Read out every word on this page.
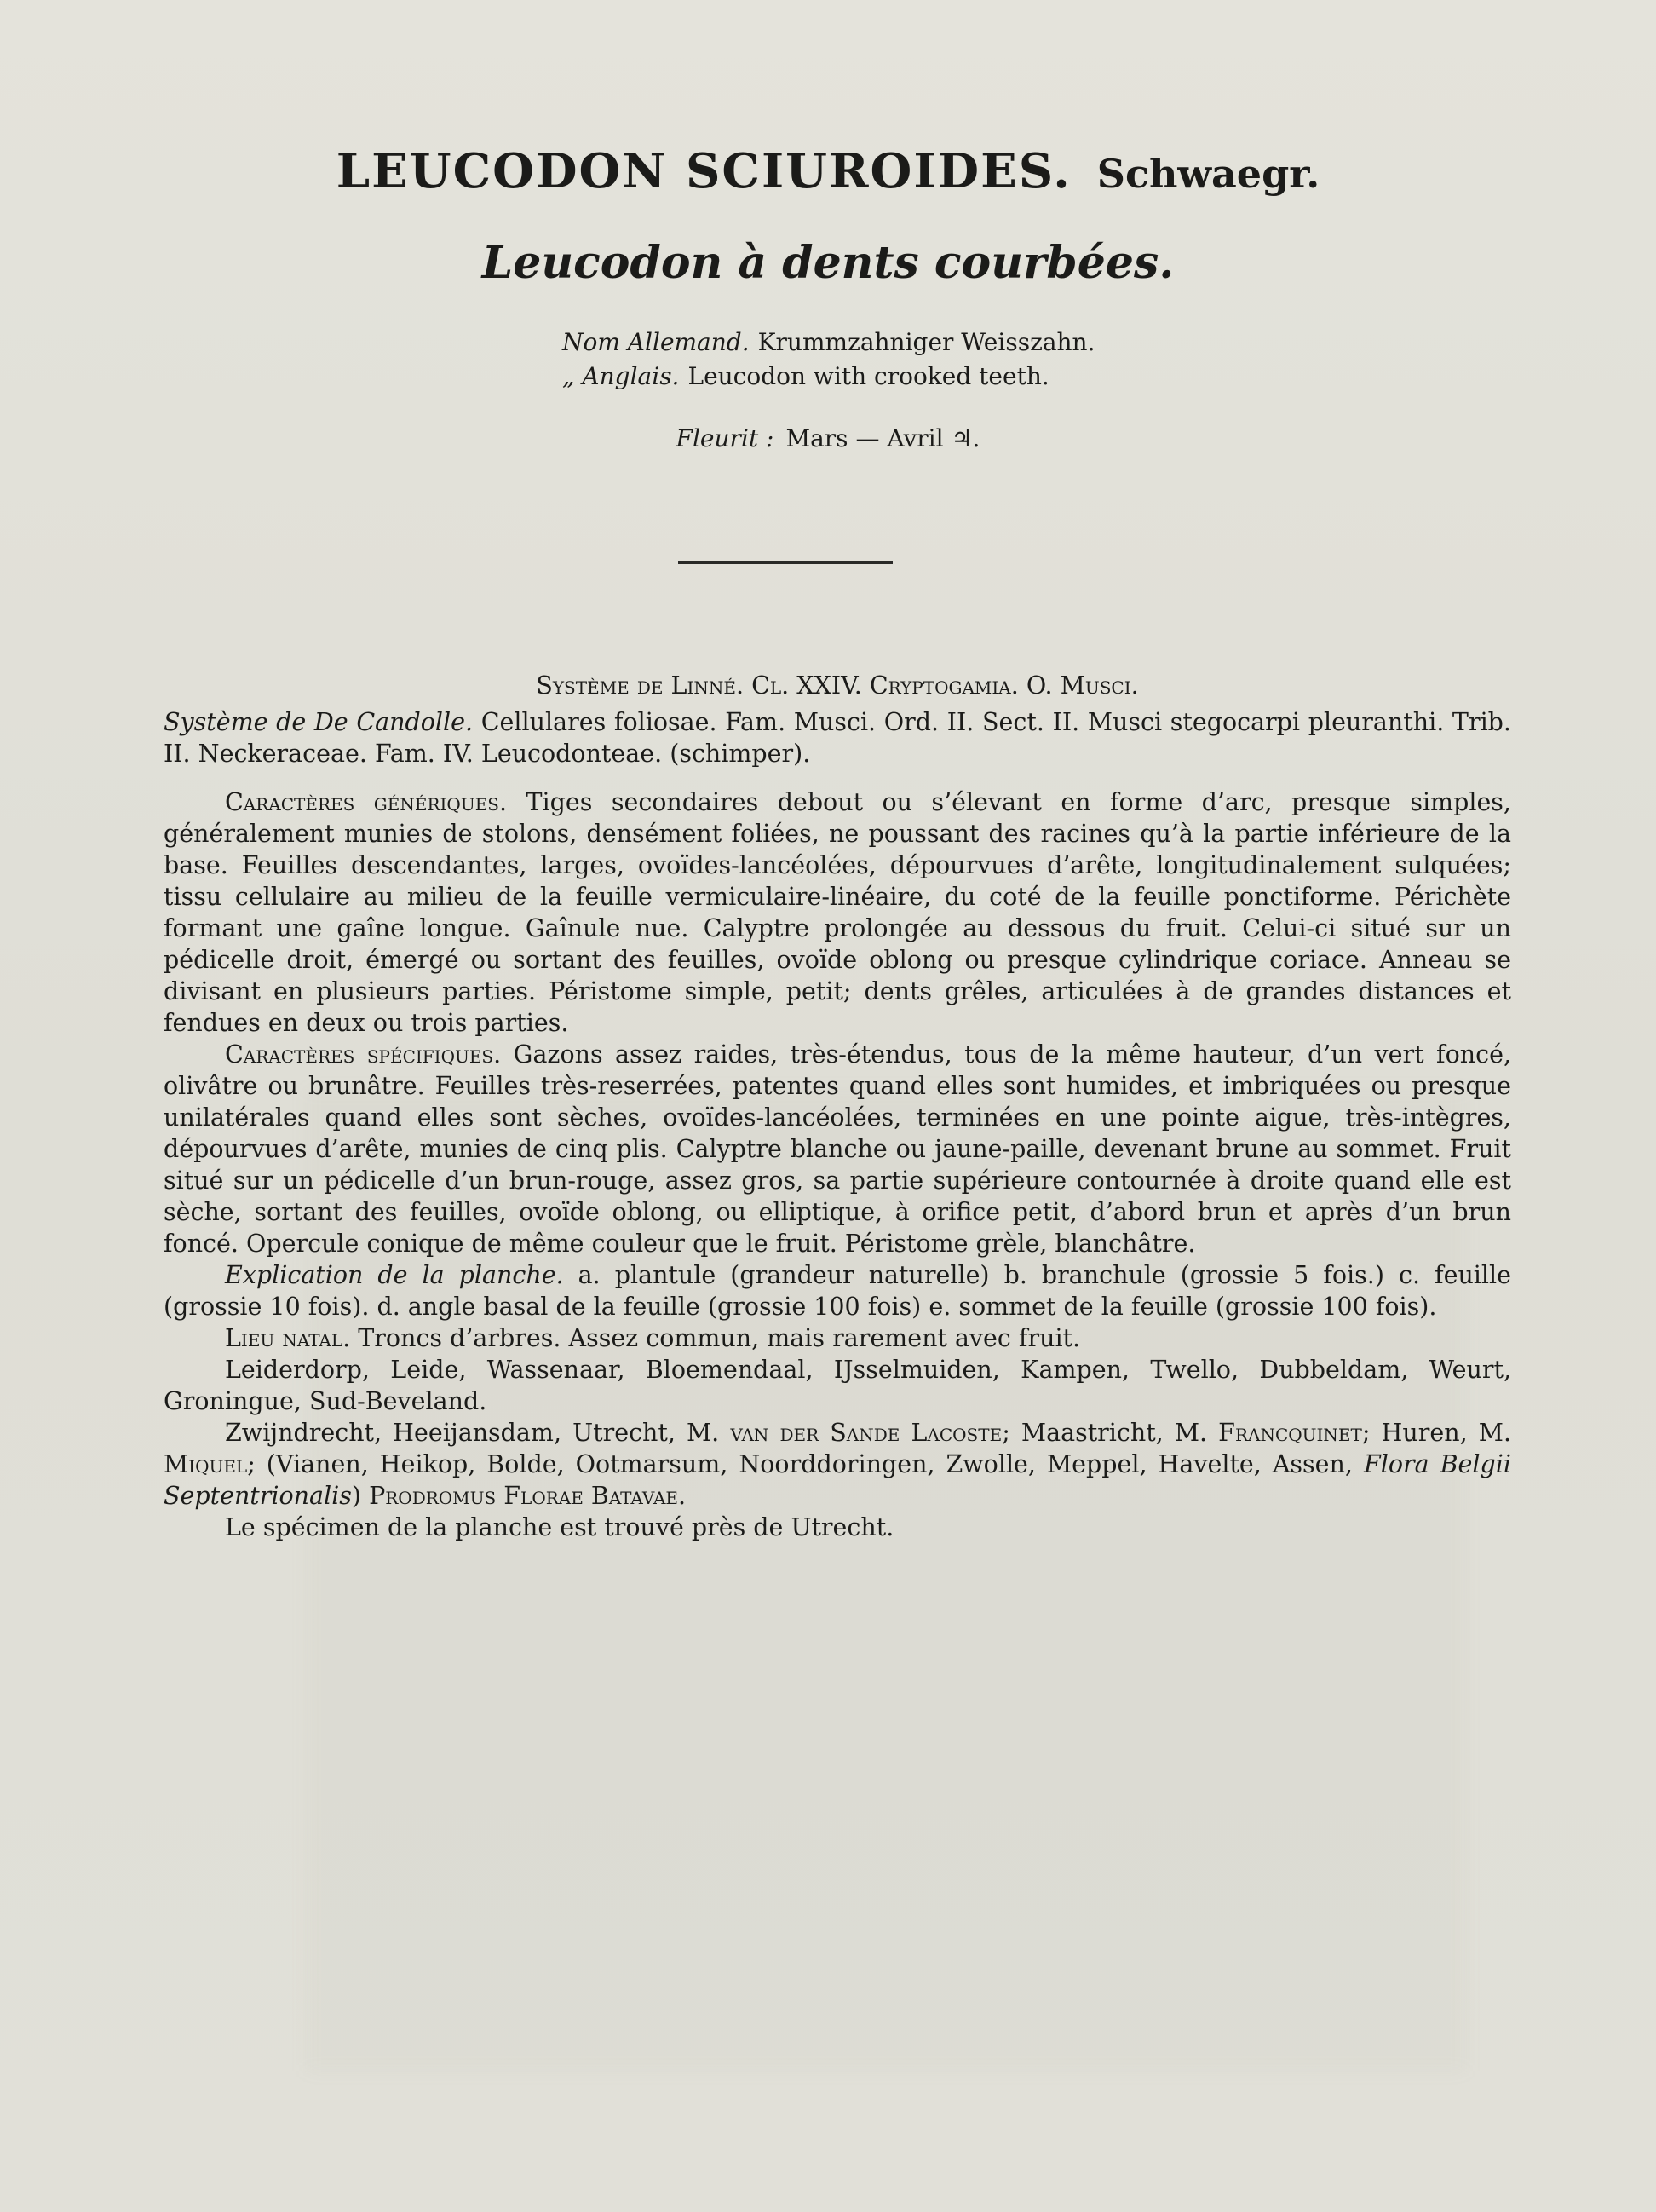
LEUCODON SCIUROIDES. Schwaegr.
Leucodon à dents courbées.
Nom Allemand. Krummzahniger Weisszahn.
„ Anglais. Leucodon with crooked teeth.
Fleurit : Mars — Avril ♃.

Système de Linné. Cl. XXIV. Cryptogamia. O. Musci.

Système de De Candolle. Cellulares foliosae. Fam. Musci. Ord. II. Sect. II. Musci stegocarpi pleuranthi. Trib. II. Neckeraceae. Fam. IV. Leucodonteae. (schimper).

Caractères génériques. Tiges secondaires debout ou s’élevant en forme d’arc, presque simples, généralement munies de stolons, densément foliées, ne poussant des racines qu’à la partie inférieure de la base. Feuilles descendantes, larges, ovoïdes-lancéolées, dépourvues d’arête, longitudinalement sulquées; tissu cellulaire au milieu de la feuille vermiculaire-linéaire, du coté de la feuille ponctiforme. Périchète formant une gaîne longue. Gaînule nue. Calyptre prolongée au dessous du fruit. Celui-ci situé sur un pédicelle droit, émergé ou sortant des feuilles, ovoïde oblong ou presque cylindrique coriace. Anneau se divisant en plusieurs parties. Péristome simple, petit; dents grêles, articulées à de grandes distances et fendues en deux ou trois parties.

Caractères spécifiques. Gazons assez raides, très-étendus, tous de la même hauteur, d’un vert foncé, olivâtre ou brunâtre. Feuilles très-reserrées, patentes quand elles sont humides, et imbriquées ou presque unilatérales quand elles sont sèches, ovoïdes-lancéolées, terminées en une pointe aigue, très-intègres, dépourvues d’arête, munies de cinq plis. Calyptre blanche ou jaune-paille, devenant brune au sommet. Fruit situé sur un pédicelle d’un brun-rouge, assez gros, sa partie supérieure contournée à droite quand elle est sèche, sortant des feuilles, ovoïde oblong, ou elliptique, à orifice petit, d’abord brun et après d’un brun foncé. Opercule conique de même couleur que le fruit. Péristome grèle, blanchâtre.

Explication de la planche. a. plantule (grandeur naturelle) b. branchule (grossie 5 fois.) c. feuille (grossie 10 fois). d. angle basal de la feuille (grossie 100 fois) e. sommet de la feuille (grossie 100 fois).

Lieu natal. Troncs d’arbres. Assez commun, mais rarement avec fruit.

Leiderdorp, Leide, Wassenaar, Bloemendaal, IJsselmuiden, Kampen, Twello, Dubbeldam, Weurt, Groningue, Sud-Beveland.

Zwijndrecht, Heeijansdam, Utrecht, M. van der Sande Lacoste; Maastricht, M. Francquinet; Huren, M. Miquel; (Vianen, Heikop, Bolde, Ootmarsum, Noorddoringen, Zwolle, Meppel, Havelte, Assen, Flora Belgii Septentrionalis) Prodromus Florae Batavae.

Le spécimen de la planche est trouvé près de Utrecht.
